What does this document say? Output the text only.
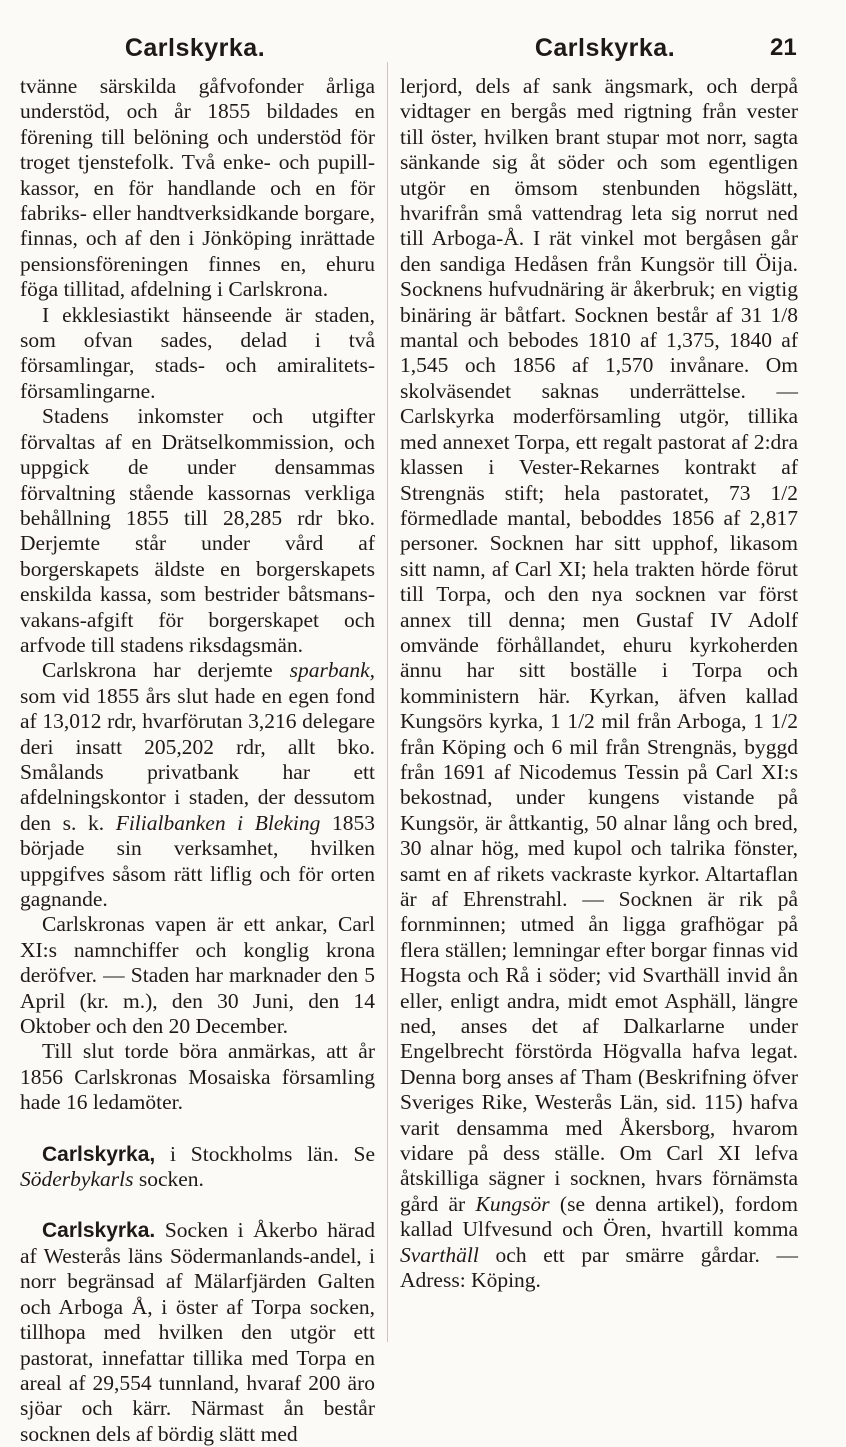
Carlskyrka.	Carlskyrka.	21

tvänne särskilda gåfvofonder årligа understöd, och år 1855 bildades en förening till belöning och understöd för troget tjenstefolk. Två enke- och pupill-kassor, en för handlande och en för fabriks- eller handtverksidkande borgare, finnas, och af den i Jönköping inrättade pensionsföreningen finnes en, ehuru föga tillitad, afdelning i Carlskrona.

I ekklesiastikt hänseende är staden, som ofvan sades, delad i två församlingar, stads- och amiralitets-församlingarne.

Stadens inkomster och utgifter förvaltas af en Drätselkommission, och uppgick de under densammas förvaltning stående kassornas verkliga behållning 1855 till 28,285 rdr bko. Derjemte står under vård af borgerskapets äldste en borgerskapets enskilda kassa, som bestrider båtsmans-vakans-afgift för borgerskapet och arfvode till stadens riksdagsmän.

Carlskrona har derjemte sparbank, som vid 1855 års slut hade en egen fond af 13,012 rdr, hvarförutan 3,216 delegare deri insatt 205,202 rdr, allt bko. Smålands privatbank har ett afdelningskontor i staden, der dessutom den s. k. Filialbanken i Bleking 1853 började sin verksamhet, hvilken uppgifves såsom rätt liflig och för orten gagnande.

Carlskronas vapen är ett ankar, Carl XI:s namnchiffer och konglig krona deröfver. — Staden har marknader den 5 April (kr. m.), den 30 Juni, den 14 Oktober och den 20 December.

Till slut torde böra anmärkas, att år 1856 Carlskronas Mosaiska församling hade 16 ledamöter.

Carlskyrka, i Stockholms län. Se Söderbykarls socken.

Carlskyrka. Socken i Åkerbo härad af Westerås läns Södermanlands-andel, i norr begränsad af Mälarfjärden Galten och Arboga Å, i öster af Torpa socken, tillhopa med hvilken den utgör ett pastorat, innefattar tillika med Torpa en areal af 29,554 tunnland, hvaraf 200 äro sjöar och kärr. Närmast ån består socknen dels af bördig slätt med

lerjord, dels af sank ängsmark, och derpå vidtager en bergås med rigtning från vester till öster, hvilken brant stupar mot norr, sagta sänkande sig åt söder och som egentligen utgör en ömsom stenbunden högslätt, hvarifrån små vattendrag leta sig norrut ned till Arboga-Å. I rät vinkel mot bergåsen går den sandiga Hedåsen från Kungsör till Öija. Socknens hufvudnäring är åkerbruk; en vigtig binäring är båtfart. Socknen består af 31 1/8 mantal och bebodes 1810 af 1,375, 1840 af 1,545 och 1856 af 1,570 invånare. Om skolväsendet saknas underrättelse. — Carlskyrka moderförsamling utgör, tillika med annexet Torpa, ett regalt pastorat af 2:dra klassen i Vester-Rekarnes kontrakt af Strengnäs stift; hela pastoratet, 73 1/2 förmedlade mantal, beboddes 1856 af 2,817 personer. Socknen har sitt upphof, likasom sitt namn, af Carl XI; hela trakten hörde förut till Torpa, och den nya socknen var först annex till denna; men Gustaf IV Adolf omvände förhållandet, ehuru kyrkoherden ännu har sitt boställe i Torpa och komministern här. Kyrkan, äfven kallad Kungsörs kyrka, 1 1/2 mil från Arboga, 1 1/2 från Köping och 6 mil från Strengnäs, byggd från 1691 af Nicodemus Tessin på Carl XI:s bekostnad, under kungens vistande på Kungsör, är åttkantig, 50 alnar lång och bred, 30 alnar hög, med kupol och talrika fönster, samt en af rikets vackraste kyrkor. Altartaflan är af Ehrenstrahl. — Socknen är rik på fornminnen; utmed ån ligga grafhögar på flera ställen; lemningar efter borgar finnas vid Hogsta och Rå i söder; vid Svarthäll invid ån eller, enligt andra, midt emot Asphäll, längre ned, anses det af Dalkarlarne under Engelbrecht förstörda Högvalla hafva legat. Denna borg anses af Tham (Beskrifning öfver Sveriges Rike, Westerås Län, sid. 115) hafva varit densamma med Åkersborg, hvarom vidare på dess ställe. Om Carl XI lefva åtskilliga sägner i socknen, hvars förnämsta gård är Kungsör (se denna artikel), fordom kallad Ulfvesund och Ören, hvartill komma Svarthäll och ett par smärre gårdar. — Adress: Köping.
